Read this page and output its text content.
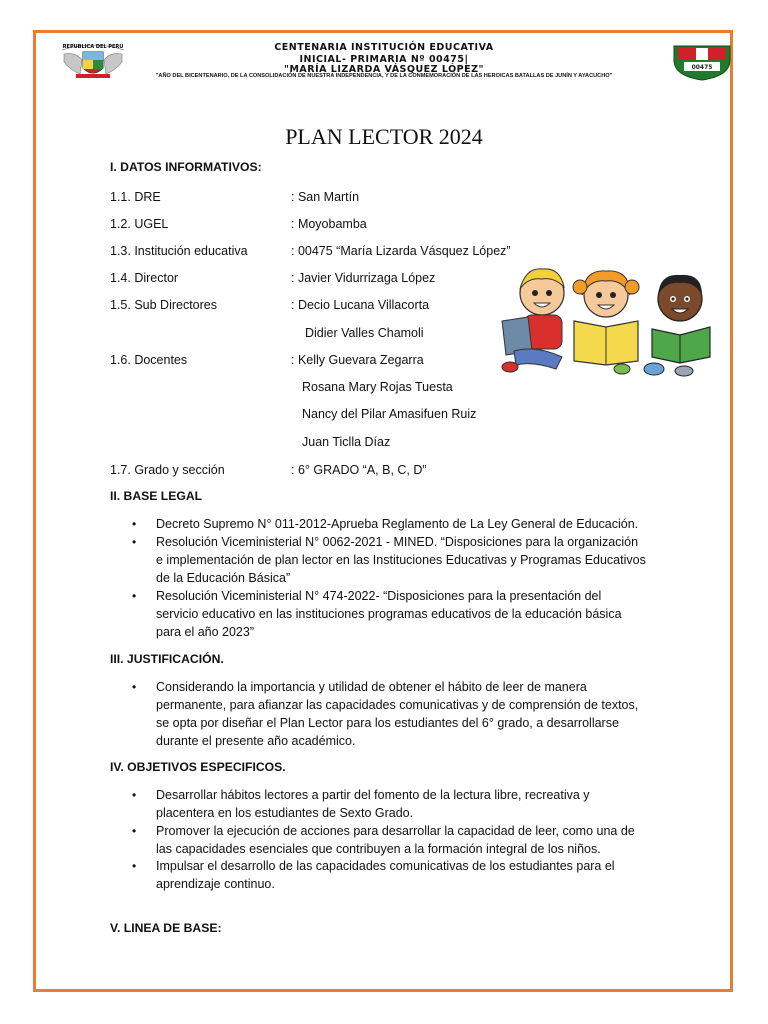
REPUBLICA DEL PERU
00475
CENTENARIA INSTITUCIÓN EDUCATIVA
INICIAL- PRIMARIA Nº 00475|
"MARÍA LIZARDA VÁSQUEZ LÓPEZ"
"AÑO DEL BICENTENARIO, DE LA CONSOLIDACIÓN DE NUESTRA INDEPENDENCIA, Y DE LA CONMEMORACIÓN DE LAS HEROICAS BATALLAS DE JUNÍN Y AYACUCHO"
PLAN LECTOR 2024
I. DATOS INFORMATIVOS:
1.1. DRE	: San Martín
1.2. UGEL	: Moyobamba
1.3. Institución educativa	: 00475 “María Lizarda Vásquez López”
1.4. Director	: Javier Vidurrizaga López
1.5. Sub Directores	: Decio Lucana Villacorta
Didier Valles Chamoli
1.6. Docentes	: Kelly Guevara Zegarra
Rosana Mary Rojas Tuesta
Nancy del Pilar Amasifuen Ruiz
Juan Ticlla Díaz
1.7. Grado y sección	: 6° GRADO “A, B, C, D”
II. BASE LEGAL
• Decreto Supremo N° 011-2012-Aprueba Reglamento de La Ley General de Educación.
• Resolución Viceministerial N° 0062-2021 - MINED. “Disposiciones para la organización
e implementación de plan lector en las Instituciones Educativas y Programas Educativos
de la Educación Básica”
• Resolución Viceministerial N° 474-2022- “Disposiciones para la presentación del
servicio educativo en las instituciones programas educativos de la educación básica
para el año 2023”
III. JUSTIFICACIÓN.
• Considerando la importancia y utilidad de obtener el hábito de leer de manera
permanente, para afianzar las capacidades comunicativas y de comprensión de textos,
se opta por diseñar el Plan Lector para los estudiantes del 6° grado, a desarrollarse
durante el presente año académico.
IV. OBJETIVOS ESPECIFICOS.
• Desarrollar hábitos lectores a partir del fomento de la lectura libre, recreativa y
placentera en los estudiantes de Sexto Grado.
• Promover la ejecución de acciones para desarrollar la capacidad de leer, como una de
las capacidades esenciales que contribuyen a la formación integral de los niños.
• Impulsar el desarrollo de las capacidades comunicativas de los estudiantes para el
aprendizaje continuo.
V. LINEA DE BASE:
